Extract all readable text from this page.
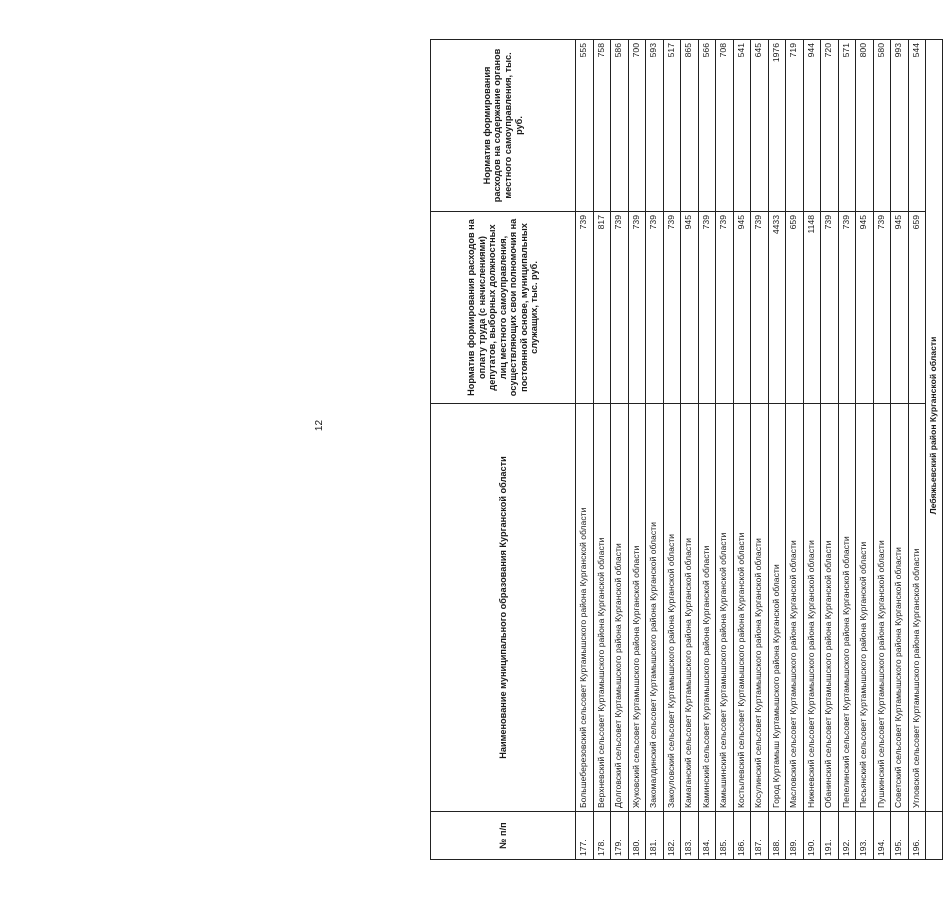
12
№ п/п	Наименование муниципального образования Курганской области	Норматив формирования расходов на оплату труда (с начислениями) депутатов, выборных должностных лиц местного самоуправления, осуществляющих свои полномочия на постоянной основе, муниципальных служащих, тыс. руб.	Норматив формирования расходов на содержание органов местного самоуправления, тыс. руб.
177.	Большеберезовский сельсовет Куртамышского района Курганской области	739	555
178.	Верхневский сельсовет Куртамышского района Курганской области	817	758
179.	Долговский сельсовет Куртамышского района Курганской области	739	586
180.	Жуковский сельсовет Куртамышского района Курганской области	739	700
181.	Закомалдинский сельсовет Куртамышского района Курганской области	739	593
182.	Закоуловский сельсовет Куртамышского района Курганской области	739	517
183.	Камаганский сельсовет Куртамышского района Курганской области	945	865
184.	Каминский сельсовет Куртамышского района Курганской области	739	566
185.	Камышинский сельсовет Куртамышского района Курганской области	739	708
186.	Костылевский сельсовет Куртамышского района Курганской области	945	541
187.	Косулинский сельсовет Куртамышского района Курганской области	739	645
188.	Город Куртамыш Куртамышского района Курганской области	4433	1976
189.	Масловский сельсовет Куртамышского района Курганской области	659	719
190.	Нижневский сельсовет Куртамышского района Курганской области	1148	944
191.	Обанинский сельсовет Куртамышского района Курганской области	739	720
192.	Пепелинский сельсовет Куртамышского района Курганской области	739	571
193.	Песьянский сельсовет Куртамышского района Курганской области	945	800
194.	Пушкинский сельсовет Куртамышского района Курганской области	739	580
195.	Советский сельсовет Куртамышского района Курганской области	945	993
196.	Угловской сельсовет Куртамышского района Курганской области	659	544
	Лебяжьевский район Курганской области		
